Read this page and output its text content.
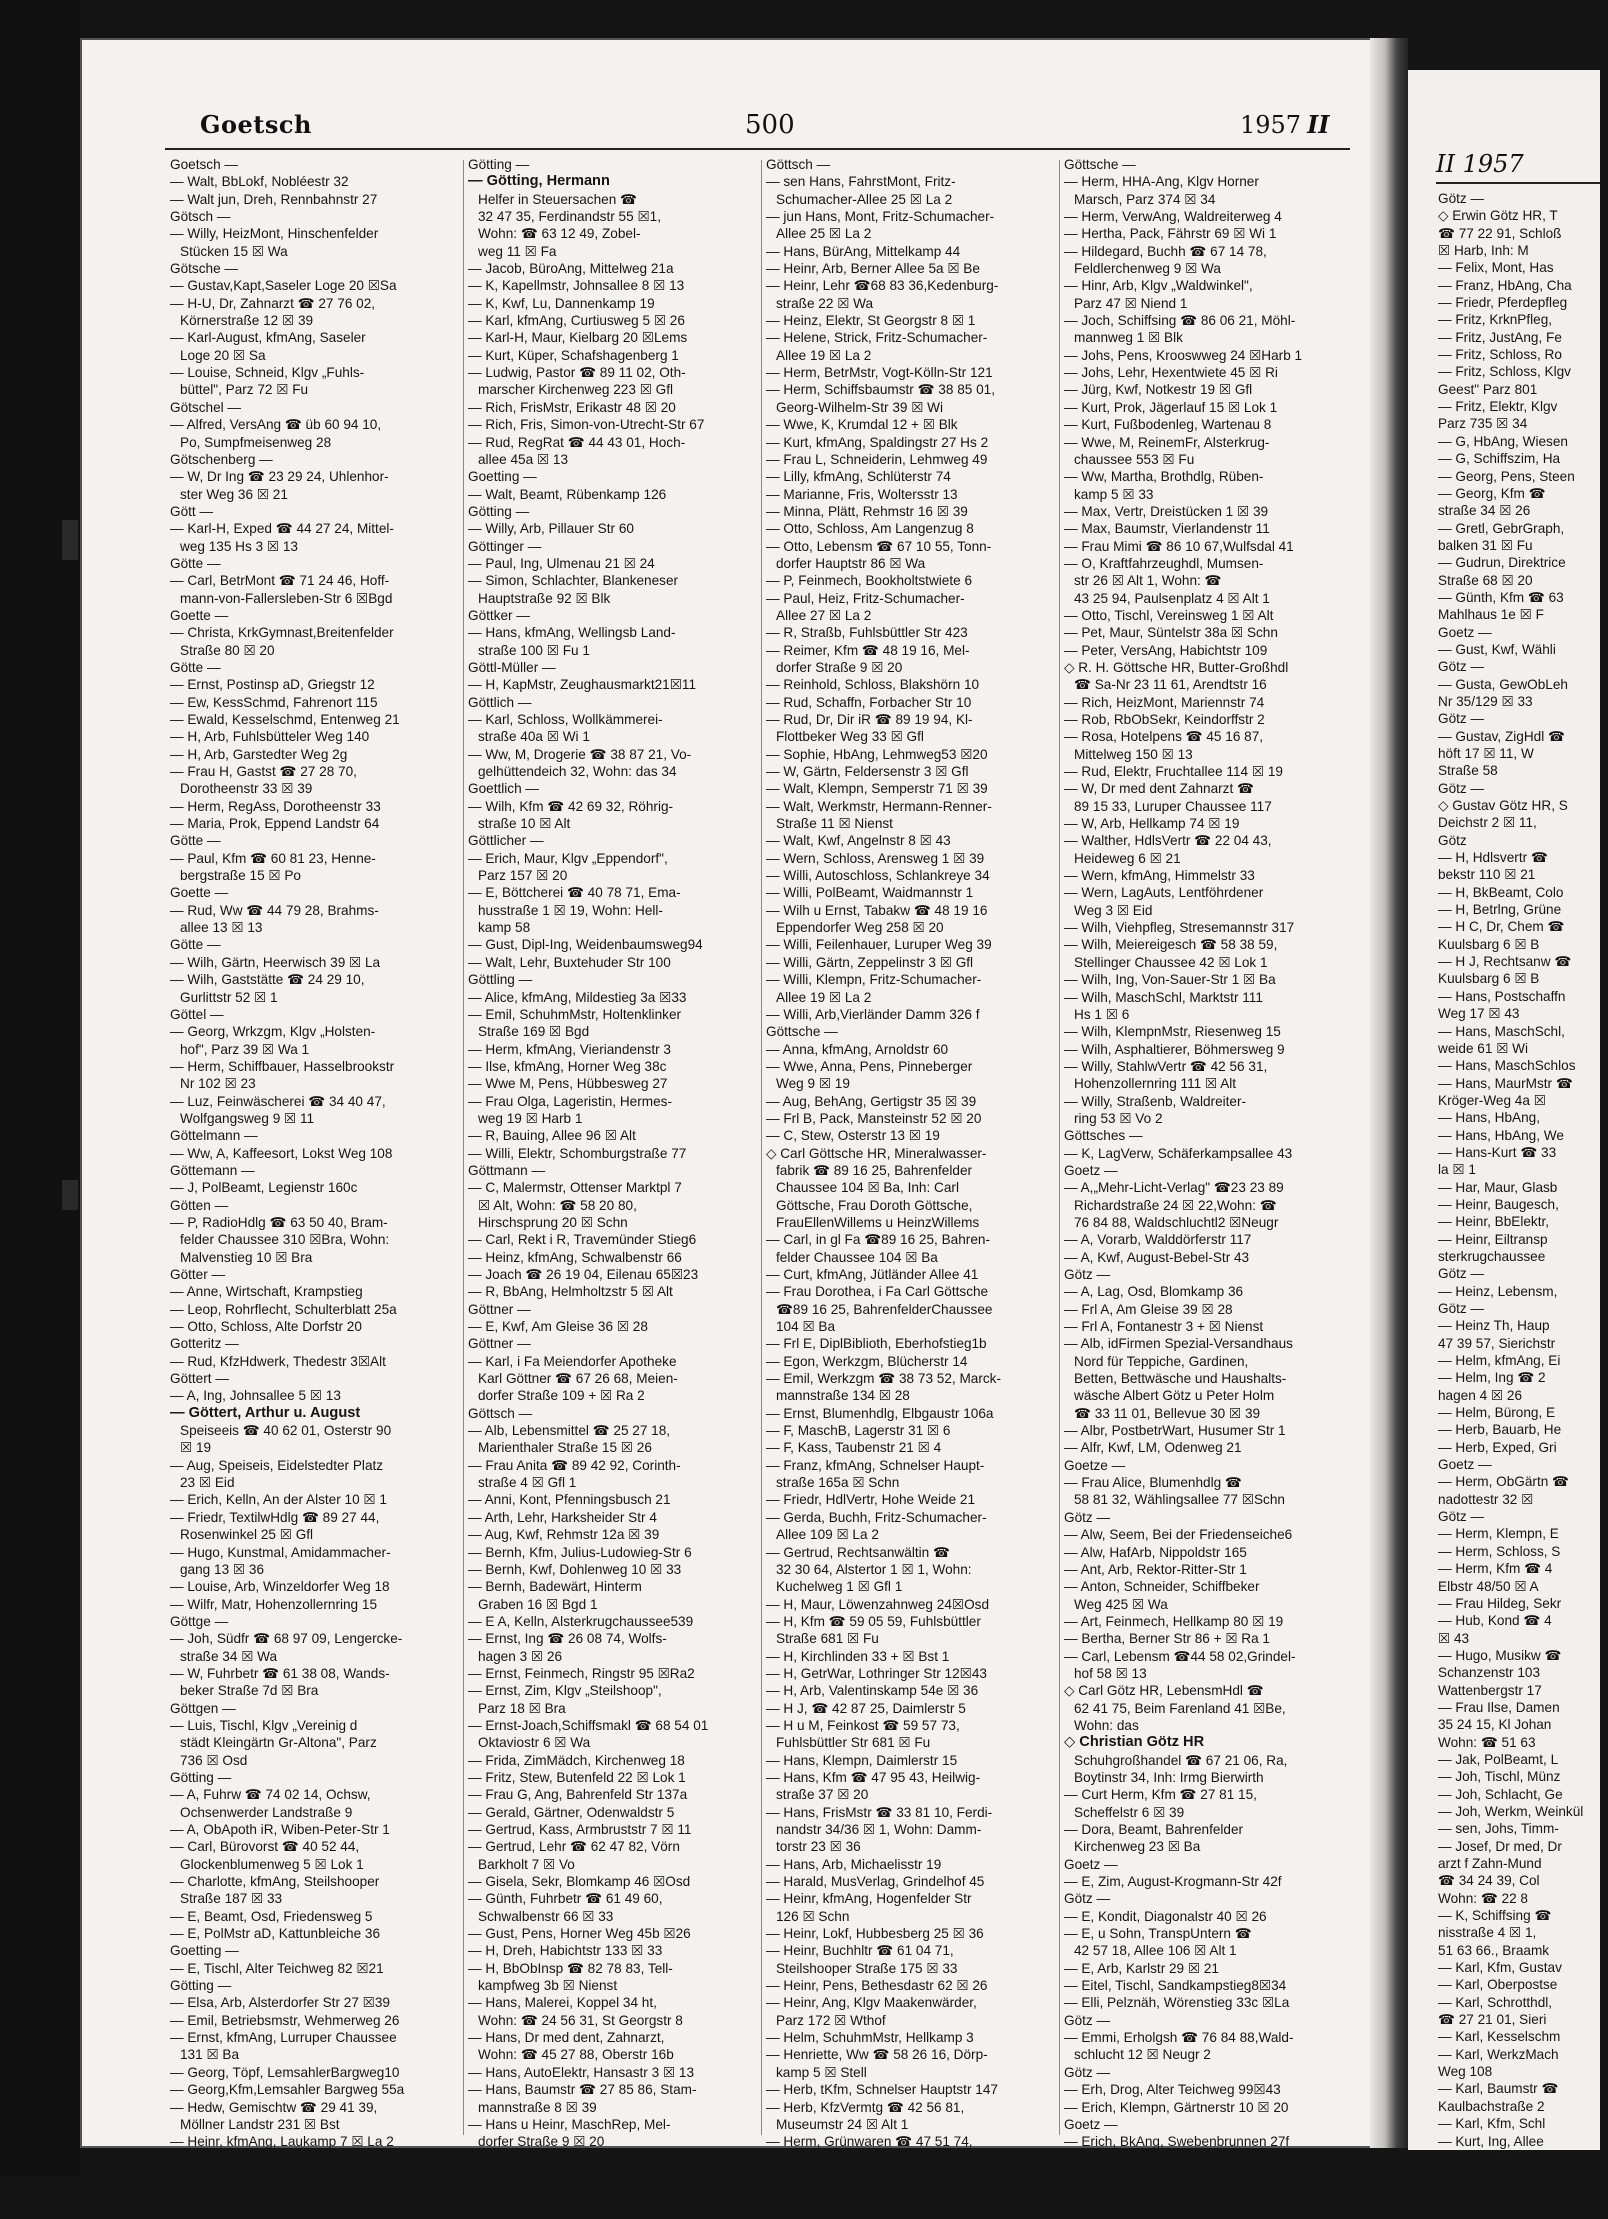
Goetsch	500	1957 II
Goetsch —
— Walt, BbLokf, Nobléestr 32
— Walt jun, Dreh, Rennbahnstr 27
Götsch —
— Willy, HeizMont, Hinschenfelder
Stücken 15 ☒ Wa
Götsche —
— Gustav,Kapt,Saseler Loge 20 ☒Sa
— H-U, Dr, Zahnarzt ☎ 27 76 02,
Körnerstraße 12 ☒ 39
— Karl-August, kfmAng, Saseler
Loge 20 ☒ Sa
— Louise, Schneid, Klgv „Fuhls-
büttel", Parz 72 ☒ Fu
Götschel —
— Alfred, VersAng ☎ üb 60 94 10,
Po, Sumpfmeisenweg 28
Götschenberg —
— W, Dr Ing ☎ 23 29 24, Uhlenhor-
ster Weg 36 ☒ 21
Gött —
— Karl-H, Exped ☎ 44 27 24, Mittel-
weg 135 Hs 3 ☒ 13
Götte —
— Carl, BetrMont ☎ 71 24 46, Hoff-
mann-von-Fallersleben-Str 6 ☒Bgd
Goette —
— Christa, KrkGymnast,Breitenfelder
Straße 80 ☒ 20
Götte —
— Ernst, Postinsp aD, Griegstr 12
— Ew, KessSchmd, Fahrenort 115
— Ewald, Kesselschmd, Entenweg 21
— H, Arb, Fuhlsbütteler Weg 140
— H, Arb, Garstedter Weg 2g
— Frau H, Gastst ☎ 27 28 70,
Dorotheenstr 33 ☒ 39
— Herm, RegAss, Dorotheenstr 33
— Maria, Prok, Eppend Landstr 64
Götte —
— Paul, Kfm ☎ 60 81 23, Henne-
bergstraße 15 ☒ Po
Goette —
— Rud, Ww ☎ 44 79 28, Brahms-
allee 13 ☒ 13
Götte —
— Wilh, Gärtn, Heerwisch 39 ☒ La
— Wilh, Gaststätte ☎ 24 29 10,
Gurlittstr 52 ☒ 1
Göttel —
— Georg, Wrkzgm, Klgv „Holsten-
hof", Parz 39 ☒ Wa 1
— Herm, Schiffbauer, Hasselbrookstr
Nr 102 ☒ 23
— Luz, Feinwäscherei ☎ 34 40 47,
Wolfgangsweg 9 ☒ 11
Göttelmann —
— Ww, A, Kaffeesort, Lokst Weg 108
Göttemann —
— J, PolBeamt, Legienstr 160c
Götten —
— P, RadioHdlg ☎ 63 50 40, Bram-
felder Chaussee 310 ☒Bra, Wohn:
Malvenstieg 10 ☒ Bra
Götter —
— Anne, Wirtschaft, Krampstieg
— Leop, Rohrflecht, Schulterblatt 25a
— Otto, Schloss, Alte Dorfstr 20
Gotteritz —
— Rud, KfzHdwerk, Thedestr 3☒Alt
Göttert —
— A, Ing, Johnsallee 5 ☒ 13
— Göttert, Arthur u. August
Speiseeis ☎ 40 62 01, Osterstr 90
☒ 19
— Aug, Speiseis, Eidelstedter Platz
23 ☒ Eid
— Erich, Kelln, An der Alster 10 ☒ 1
— Friedr, TextilwHdlg ☎ 89 27 44,
Rosenwinkel 25 ☒ Gfl
— Hugo, Kunstmal, Amidammacher-
gang 13 ☒ 36
— Louise, Arb, Winzeldorfer Weg 18
— Wilfr, Matr, Hohenzollernring 15
Göttge —
— Joh, Südfr ☎ 68 97 09, Lengercke-
straße 34 ☒ Wa
— W, Fuhrbetr ☎ 61 38 08, Wands-
beker Straße 7d ☒ Bra
Göttgen —
— Luis, Tischl, Klgv „Vereinig d
städt Kleingärtn Gr-Altona", Parz
736 ☒ Osd
Götting —
— A, Fuhrw ☎ 74 02 14, Ochsw,
Ochsenwerder Landstraße 9
— A, ObApoth iR, Wiben-Peter-Str 1
— Carl, Bürovorst ☎ 40 52 44,
Glockenblumenweg 5 ☒ Lok 1
— Charlotte, kfmAng, Steilshooper
Straße 187 ☒ 33
— E, Beamt, Osd, Friedensweg 5
— E, PolMstr aD, Kattunbleiche 36
Goetting —
— E, Tischl, Alter Teichweg 82 ☒21
Götting —
— Elsa, Arb, Alsterdorfer Str 27 ☒39
— Emil, Betriebsmstr, Wehmerweg 26
— Ernst, kfmAng, Lurruper Chaussee
131 ☒ Ba
— Georg, Töpf, LemsahlerBargweg10
— Georg,Kfm,Lemsahler Bargweg 55a
— Hedw, Gemischtw ☎ 29 41 39,
Möllner Landstr 231 ☒ Bst
— Heinr, kfmAng, Laukamp 7 ☒ La 2
Götting —
— Götting, Hermann
Helfer in Steuersachen ☎
32 47 35, Ferdinandstr 55 ☒1,
Wohn: ☎ 63 12 49, Zobel-
weg 11 ☒ Fa
— Jacob, BüroAng, Mittelweg 21a
— K, Kapellmstr, Johnsallee 8 ☒ 13
— K, Kwf, Lu, Dannenkamp 19
— Karl, kfmAng, Curtiusweg 5 ☒ 26
— Karl-H, Maur, Kielbarg 20 ☒Lems
— Kurt, Küper, Schafshagenberg 1
— Ludwig, Pastor ☎ 89 11 02, Oth-
marscher Kirchenweg 223 ☒ Gfl
— Rich, FrisMstr, Erikastr 48 ☒ 20
— Rich, Fris, Simon-von-Utrecht-Str 67
— Rud, RegRat ☎ 44 43 01, Hoch-
allee 45a ☒ 13
Goetting —
— Walt, Beamt, Rübenkamp 126
Götting —
— Willy, Arb, Pillauer Str 60
Göttinger —
— Paul, Ing, Ulmenau 21 ☒ 24
— Simon, Schlachter, Blankeneser
Hauptstraße 92 ☒ Blk
Göttker —
— Hans, kfmAng, Wellingsb Land-
straße 100 ☒ Fu 1
Göttl-Müller —
— H, KapMstr, Zeughausmarkt21☒11
Göttlich —
— Karl, Schloss, Wollkämmerei-
straße 40a ☒ Wi 1
— Ww, M, Drogerie ☎ 38 87 21, Vo-
gelhüttendeich 32, Wohn: das 34
Goettlich —
— Wilh, Kfm ☎ 42 69 32, Röhrig-
straße 10 ☒ Alt
Göttlicher —
— Erich, Maur, Klgv „Eppendorf",
Parz 157 ☒ 20
— E, Böttcherei ☎ 40 78 71, Ema-
husstraße 1 ☒ 19, Wohn: Hell-
kamp 58
— Gust, Dipl-Ing, Weidenbaumsweg94
— Walt, Lehr, Buxtehuder Str 100
Göttling —
— Alice, kfmAng, Mildestieg 3a ☒33
— Emil, SchuhmMstr, Holtenklinker
Straße 169 ☒ Bgd
— Herm, kfmAng, Vieriandenstr 3
— Ilse, kfmAng, Horner Weg 38c
— Wwe M, Pens, Hübbesweg 27
— Frau Olga, Lageristin, Hermes-
weg 19 ☒ Harb 1
— R, Bauing, Allee 96 ☒ Alt
— Willi, Elektr, Schomburgstraße 77
Göttmann —
— C, Malermstr, Ottenser Marktpl 7
☒ Alt, Wohn: ☎ 58 20 80,
Hirschsprung 20 ☒ Schn
— Carl, Rekt i R, Travemünder Stieg6
— Heinz, kfmAng, Schwalbenstr 66
— Joach ☎ 26 19 04, Eilenau 65☒23
— R, BbAng, Helmholtzstr 5 ☒ Alt
Göttner —
— E, Kwf, Am Gleise 36 ☒ 28
Göttner —
— Karl, i Fa Meiendorfer Apotheke
Karl Göttner ☎ 67 26 68, Meien-
dorfer Straße 109 + ☒ Ra 2
Göttsch —
— Alb, Lebensmittel ☎ 25 27 18,
Marienthaler Straße 15 ☒ 26
— Frau Anita ☎ 89 42 92, Corinth-
straße 4 ☒ Gfl 1
— Anni, Kont, Pfenningsbusch 21
— Arth, Lehr, Harksheider Str 4
— Aug, Kwf, Rehmstr 12a ☒ 39
— Bernh, Kfm, Julius-Ludowieg-Str 6
— Bernh, Kwf, Dohlenweg 10 ☒ 33
— Bernh, Badewärt, Hinterm
Graben 16 ☒ Bgd 1
— E A, Kelln, Alsterkrugchaussee539
— Ernst, Ing ☎ 26 08 74, Wolfs-
hagen 3 ☒ 26
— Ernst, Feinmech, Ringstr 95 ☒Ra2
— Ernst, Zim, Klgv „Steilshoop",
Parz 18 ☒ Bra
— Ernst-Joach,Schiffsmakl ☎ 68 54 01
Oktaviostr 6 ☒ Wa
— Frida, ZimMädch, Kirchenweg 18
— Fritz, Stew, Butenfeld 22 ☒ Lok 1
— Frau G, Ang, Bahrenfeld Str 137a
— Gerald, Gärtner, Odenwaldstr 5
— Gertrud, Kass, Armbruststr 7 ☒ 11
— Gertrud, Lehr ☎ 62 47 82, Vörn
Barkholt 7 ☒ Vo
— Gisela, Sekr, Blomkamp 46 ☒Osd
— Günth, Fuhrbetr ☎ 61 49 60,
Schwalbenstr 66 ☒ 33
— Gust, Pens, Horner Weg 45b ☒26
— H, Dreh, Habichtstr 133 ☒ 33
— H, BbObInsp ☎ 82 78 83, Tell-
kampfweg 3b ☒ Nienst
— Hans, Malerei, Koppel 34 ht,
Wohn: ☎ 24 56 31, St Georgstr 8
— Hans, Dr med dent, Zahnarzt,
Wohn: ☎ 45 27 88, Oberstr 16b
— Hans, AutoElektr, Hansastr 3 ☒ 13
— Hans, Baumstr ☎ 27 85 86, Stam-
mannstraße 8 ☒ 39
— Hans u Heinr, MaschRep, Mel-
dorfer Straße 9 ☒ 20
— Hans, MaschB, Meldorfer Str 9☒20
Göttsch —
— sen Hans, FahrstMont, Fritz-
Schumacher-Allee 25 ☒ La 2
— jun Hans, Mont, Fritz-Schumacher-
Allee 25 ☒ La 2
— Hans, BürAng, Mittelkamp 44
— Heinr, Arb, Berner Allee 5a ☒ Be
— Heinr, Lehr ☎68 83 36,Kedenburg-
straße 22 ☒ Wa
— Heinz, Elektr, St Georgstr 8 ☒ 1
— Helene, Strick, Fritz-Schumacher-
Allee 19 ☒ La 2
— Herm, BetrMstr, Vogt-Kölln-Str 121
— Herm, Schiffsbaumstr ☎ 38 85 01,
Georg-Wilhelm-Str 39 ☒ Wi
— Wwe, K, Krumdal 12 + ☒ Blk
— Kurt, kfmAng, Spaldingstr 27 Hs 2
— Frau L, Schneiderin, Lehmweg 49
— Lilly, kfmAng, Schlüterstr 74
— Marianne, Fris, Woltersstr 13
— Minna, Plätt, Rehmstr 16 ☒ 39
— Otto, Schloss, Am Langenzug 8
— Otto, Lebensm ☎ 67 10 55, Tonn-
dorfer Hauptstr 86 ☒ Wa
— P, Feinmech, Bookholtstwiete 6
— Paul, Heiz, Fritz-Schumacher-
Allee 27 ☒ La 2
— R, Straßb, Fuhlsbüttler Str 423
— Reimer, Kfm ☎ 48 19 16, Mel-
dorfer Straße 9 ☒ 20
— Reinhold, Schloss, Blakshörn 10
— Rud, Schaffn, Forbacher Str 10
— Rud, Dr, Dir iR ☎ 89 19 94, Kl-
Flottbeker Weg 33 ☒ Gfl
— Sophie, HbAng, Lehmweg53 ☒20
— W, Gärtn, Feldersenstr 3 ☒ Gfl
— Walt, Klempn, Semperstr 71 ☒ 39
— Walt, Werkmstr, Hermann-Renner-
Straße 11 ☒ Nienst
— Walt, Kwf, Angelnstr 8 ☒ 43
— Wern, Schloss, Arensweg 1 ☒ 39
— Willi, Autoschloss, Schlankreye 34
— Willi, PolBeamt, Waidmannstr 1
— Wilh u Ernst, Tabakw ☎ 48 19 16
Eppendorfer Weg 258 ☒ 20
— Willi, Feilenhauer, Luruper Weg 39
— Willi, Gärtn, Zeppelinstr 3 ☒ Gfl
— Willi, Klempn, Fritz-Schumacher-
Allee 19 ☒ La 2
— Willi, Arb,Vierländer Damm 326 f
Göttsche —
— Anna, kfmAng, Arnoldstr 60
— Wwe, Anna, Pens, Pinneberger
Weg 9 ☒ 19
— Aug, BehAng, Gertigstr 35 ☒ 39
— Frl B, Pack, Mansteinstr 52 ☒ 20
— C, Stew, Osterstr 13 ☒ 19
◇ Carl Göttsche HR, Mineralwasser-
fabrik ☎ 89 16 25, Bahrenfelder
Chaussee 104 ☒ Ba, Inh: Carl
Göttsche, Frau Doroth Göttsche,
FrauEllenWillems u HeinzWillems
— Carl, in gl Fa ☎89 16 25, Bahren-
felder Chaussee 104 ☒ Ba
— Curt, kfmAng, Jütländer Allee 41
— Frau Dorothea, i Fa Carl Göttsche
☎89 16 25, BahrenfelderChaussee
104 ☒ Ba
— Frl E, DiplBiblioth, Eberhofstieg1b
— Egon, Werkzgm, Blücherstr 14
— Emil, Werkzgm ☎ 38 73 52, Marck-
mannstraße 134 ☒ 28
— Ernst, Blumenhdlg, Elbgaustr 106a
— F, MaschB, Lagerstr 31 ☒ 6
— F, Kass, Taubenstr 21 ☒ 4
— Franz, kfmAng, Schnelser Haupt-
straße 165a ☒ Schn
— Friedr, HdlVertr, Hohe Weide 21
— Gerda, Buchh, Fritz-Schumacher-
Allee 109 ☒ La 2
— Gertrud, Rechtsanwältin ☎
32 30 64, Alstertor 1 ☒ 1, Wohn:
Kuchelweg 1 ☒ Gfl 1
— H, Maur, Löwenzahnweg 24☒Osd
— H, Kfm ☎ 59 05 59, Fuhlsbüttler
Straße 681 ☒ Fu
— H, Kirchlinden 33 + ☒ Bst 1
— H, GetrWar, Lothringer Str 12☒43
— H, Arb, Valentinskamp 54e ☒ 36
— H J, ☎ 42 87 25, Daimlerstr 5
— H u M, Feinkost ☎ 59 57 73,
Fuhlsbüttler Str 681 ☒ Fu
— Hans, Klempn, Daimlerstr 15
— Hans, Kfm ☎ 47 95 43, Heilwig-
straße 37 ☒ 20
— Hans, FrisMstr ☎ 33 81 10, Ferdi-
nandstr 34/36 ☒ 1, Wohn: Damm-
torstr 23 ☒ 36
— Hans, Arb, Michaelisstr 19
— Harald, MusVerlag, Grindelhof 45
— Heinr, kfmAng, Hogenfelder Str
126 ☒ Schn
— Heinr, Lokf, Hubbesberg 25 ☒ 36
— Heinr, Buchhltr ☎ 61 04 71,
Steilshooper Straße 175 ☒ 33
— Heinr, Pens, Bethesdastr 62 ☒ 26
— Heinr, Ang, Klgv Maakenwärder,
Parz 172 ☒ Wthof
— Helm, SchuhmMstr, Hellkamp 3
— Henriette, Ww ☎ 58 26 16, Dörp-
kamp 5 ☒ Stell
— Herb, tKfm, Schnelser Hauptstr 147
— Herb, KfzVermtg ☎ 42 56 81,
Museumstr 24 ☒ Alt 1
— Herm, Grünwaren ☎ 47 51 74,
Gustav-Leo-Str 109 ☒ 20
— Herm, SchneidMstr, Carl-Cohn-
Straße 51 ☒ 39
Göttsche —
— Herm, HHA-Ang, Klgv Horner
Marsch, Parz 374 ☒ 34
— Herm, VerwAng, Waldreiterweg 4
— Hertha, Pack, Fährstr 69 ☒ Wi 1
— Hildegard, Buchh ☎ 67 14 78,
Feldlerchenweg 9 ☒ Wa
— Hinr, Arb, Klgv „Waldwinkel",
Parz 47 ☒ Niend 1
— Joch, Schiffsing ☎ 86 06 21, Möhl-
mannweg 1 ☒ Blk
— Johs, Pens, Krooswweg 24 ☒Harb 1
— Johs, Lehr, Hexentwiete 45 ☒ Ri
— Jürg, Kwf, Notkestr 19 ☒ Gfl
— Kurt, Prok, Jägerlauf 15 ☒ Lok 1
— Kurt, Fußbodenleg, Wartenau 8
— Wwe, M, ReinemFr, Alsterkrug-
chaussee 553 ☒ Fu
— Ww, Martha, Brothdlg, Rüben-
kamp 5 ☒ 33
— Max, Vertr, Dreistücken 1 ☒ 39
— Max, Baumstr, Vierlandenstr 11
— Frau Mimi ☎ 86 10 67,Wulfsdal 41
— O, Kraftfahrzeughdl, Mumsen-
str 26 ☒ Alt 1, Wohn: ☎
43 25 94, Paulsenplatz 4 ☒ Alt 1
— Otto, Tischl, Vereinsweg 1 ☒ Alt
— Pet, Maur, Süntelstr 38a ☒ Schn
— Peter, VersAng, Habichtstr 109
◇ R. H. Göttsche HR, Butter-Großhdl
☎ Sa-Nr 23 11 61, Arendtstr 16
— Rich, HeizMont, Mariennstr 74
— Rob, RbObSekr, Keindorffstr 2
— Rosa, Hotelpens ☎ 45 16 87,
Mittelweg 150 ☒ 13
— Rud, Elektr, Fruchtallee 114 ☒ 19
— W, Dr med dent Zahnarzt ☎
89 15 33, Luruper Chaussee 117
— W, Arb, Hellkamp 74 ☒ 19
— Walther, HdlsVertr ☎ 22 04 43,
Heideweg 6 ☒ 21
— Wern, kfmAng, Himmelstr 33
— Wern, LagAuts, Lentföhrdener
Weg 3 ☒ Eid
— Wilh, Viehpfleg, Stresemannstr 317
— Wilh, Meiereigesch ☎ 58 38 59,
Stellinger Chaussee 42 ☒ Lok 1
— Wilh, Ing, Von-Sauer-Str 1 ☒ Ba
— Wilh, MaschSchl, Marktstr 111
Hs 1 ☒ 6
— Wilh, KlempnMstr, Riesenweg 15
— Wilh, Asphaltierer, Böhmersweg 9
— Willy, StahlwVertr ☎ 42 56 31,
Hohenzollernring 111 ☒ Alt
— Willy, Straßenb, Waldreiter-
ring 53 ☒ Vo 2
Göttsches —
— K, LagVerw, Schäferkampsallee 43
Goetz —
— A,„Mehr-Licht-Verlag" ☎23 23 89
Richardstraße 24 ☒ 22,Wohn: ☎
76 84 88, Waldschluchtl2 ☒Neugr
— A, Vorarb, Walddörferstr 117
— A, Kwf, August-Bebel-Str 43
Götz —
— A, Lag, Osd, Blomkamp 36
— Frl A, Am Gleise 39 ☒ 28
— Frl A, Fontanestr 3 + ☒ Nienst
— Alb, idFirmen Spezial-Versandhaus
Nord für Teppiche, Gardinen,
Betten, Bettwäsche und Haushalts-
wäsche Albert Götz u Peter Holm
☎ 33 11 01, Bellevue 30 ☒ 39
— Albr, PostbetrWart, Husumer Str 1
— Alfr, Kwf, LM, Odenweg 21
Goetze —
— Frau Alice, Blumenhdlg ☎
58 81 32, Wählingsallee 77 ☒Schn
Götz —
— Alw, Seem, Bei der Friedenseiche6
— Alw, HafArb, Nippoldstr 165
— Ant, Arb, Rektor-Ritter-Str 1
— Anton, Schneider, Schiffbeker
Weg 425 ☒ Wa
— Art, Feinmech, Hellkamp 80 ☒ 19
— Bertha, Berner Str 86 + ☒ Ra 1
— Carl, Lebensm ☎44 58 02,Grindel-
hof 58 ☒ 13
◇ Carl Götz HR, LebensmHdl ☎
62 41 75, Beim Farenland 41 ☒Be,
Wohn: das
◇ Christian Götz HR
Schuhgroßhandel ☎ 67 21 06, Ra,
Boytinstr 34, Inh: Irmg Bierwirth
— Curt Herm, Kfm ☎ 27 81 15,
Scheffelstr 6 ☒ 39
— Dora, Beamt, Bahrenfelder
Kirchenweg 23 ☒ Ba
Goetz —
— E, Zim, August-Krogmann-Str 42f
Götz —
— E, Kondit, Diagonalstr 40 ☒ 26
— E, u Sohn, TranspUntern ☎
42 57 18, Allee 106 ☒ Alt 1
— E, Arb, Karlstr 29 ☒ 21
— Eitel, Tischl, Sandkampstieg8☒34
— Elli, Pelznäh, Wörenstieg 33c ☒La
Götz —
— Emmi, Erholgsh ☎ 76 84 88,Wald-
schlucht 12 ☒ Neugr 2
Götz —
— Erh, Drog, Alter Teichweg 99☒43
— Erich, Klempn, Gärtnerstr 10 ☒ 20
Goetz —
— Erich, BkAng, Swebenbrunnen 27f
— Ernst, Zimm, August-Krogmann-
Str 42f ☒ Fa
II 1957
Götz —
◇ Erwin Götz HR, T
☎ 77 22 91, Schloß
☒ Harb, Inh: M
— Felix, Mont, Has
— Franz, HbAng, Cha
— Friedr, Pferdepfleg
— Fritz, KrknPfleg,
— Fritz, JustAng, Fe
— Fritz, Schloss, Ro
— Fritz, Schloss, Klgv
Geest" Parz 801
— Fritz, Elektr, Klgv
Parz 735 ☒ 34
— G, HbAng, Wiesen
— G, Schiffszim, Ha
— Georg, Pens, Steen
— Georg, Kfm ☎
straße 34 ☒ 26
— Gretl, GebrGraph,
balken 31 ☒ Fu
— Gudrun, Direktrice
Straße 68 ☒ 20
— Günth, Kfm ☎ 63
Mahlhaus 1e ☒ F
Goetz —
— Gust, Kwf, Wähli
Götz —
— Gusta, GewObLeh
Nr 35/129 ☒ 33
Götz —
— Gustav, ZigHdl ☎
höft 17 ☒ 11, W
Straße 58
Götz —
◇ Gustav Götz HR, S
Deichstr 2 ☒ 11,
Götz
— H, Hdlsvertr ☎
bekstr 110 ☒ 21
— H, BkBeamt, Colo
— H, Betrlng, Grüne
— H C, Dr, Chem ☎
Kuulsbarg 6 ☒ B
— H J, Rechtsanw ☎
Kuulsbarg 6 ☒ B
— Hans, Postschaffn
Weg 17 ☒ 43
— Hans, MaschSchl,
weide 61 ☒ Wi
— Hans, MaschSchlos
— Hans, MaurMstr ☎
Kröger-Weg 4a ☒
— Hans, HbAng,
— Hans, HbAng, We
— Hans-Kurt ☎ 33
la ☒ 1
— Har, Maur, Glasb
— Heinr, Baugesch,
— Heinr, BbElektr,
— Heinr, Eiltransp
sterkrugchaussee
Götz —
— Heinz, Lebensm,
Götz —
— Heinz Th, Haup
47 39 57, Sierichstr
— Helm, kfmAng, Ei
— Helm, Ing ☎ 2
hagen 4 ☒ 26
— Helm, Bürong, E
— Herb, Bauarb, He
— Herb, Exped, Gri
Goetz —
— Herm, ObGärtn ☎
nadottestr 32 ☒
Götz —
— Herm, Klempn, E
— Herm, Schloss, S
— Herm, Kfm ☎ 4
Elbstr 48/50 ☒ A
— Frau Hildeg, Sekr
— Hub, Kond ☎ 4
☒ 43
— Hugo, Musikw ☎
Schanzenstr 103
Wattenbergstr 17
— Frau Ilse, Damen
35 24 15, Kl Johan
Wohn: ☎ 51 63
— Jak, PolBeamt, L
— Joh, Tischl, Münz
— Joh, Schlacht, Ge
— Joh, Werkm, Weinkül
— sen, Johs, Timm-
— Josef, Dr med, Dr
arzt f Zahn-Mund
☎ 34 24 39, Col
Wohn: ☎ 22 8
— K, Schiffsing ☎
nisstraße 4 ☒ 1,
51 63 66., Braamk
— Karl, Kfm, Gustav
— Karl, Oberpostse
— Karl, Schrotthdl,
☎ 27 21 01, Sieri
— Karl, Kesselschm
— Karl, WerkzMach
Weg 108
— Karl, Baumstr ☎
Kaulbachstraße 2
— Karl, Kfm, Schl
— Kurt, Ing, Allee
— L, Kfm ☎ 33 1
Louis, Pens, Dit
— Wwe M A, i Fa
Woellmerstr 21
